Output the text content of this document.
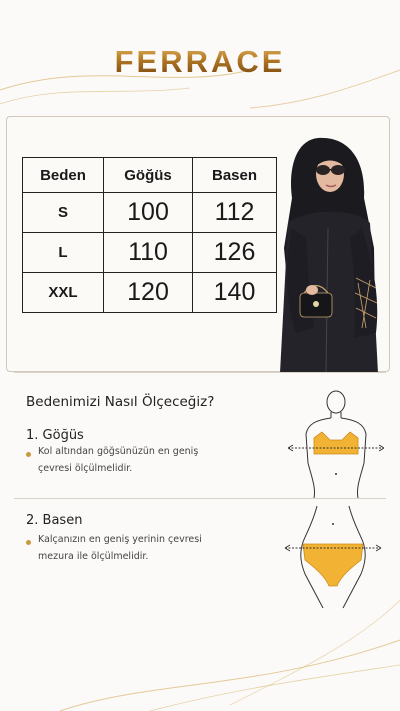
FERRACE
Beden	Göğüs	Basen
S	100	112
L	110	126
XXL	120	140
Bedenimizi Nasıl Ölçeceğiz?
1. Göğüs
Kol altından göğsünüzün en geniş çevresi ölçülmelidir.
2. Basen
Kalçanızın en geniş yerinin çevresi mezura ile ölçülmelidir.
